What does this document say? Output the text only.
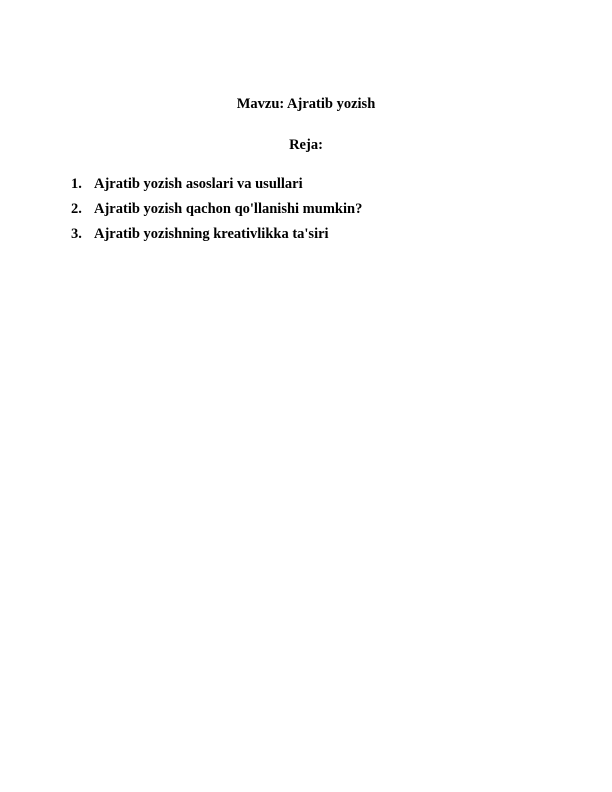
Mavzu: Ajratib yozish
Reja:
1. Ajratib yozish asoslari va usullari
2. Ajratib yozish qachon qo'llanishi mumkin?
3. Ajratib yozishning kreativlikka ta'siri
